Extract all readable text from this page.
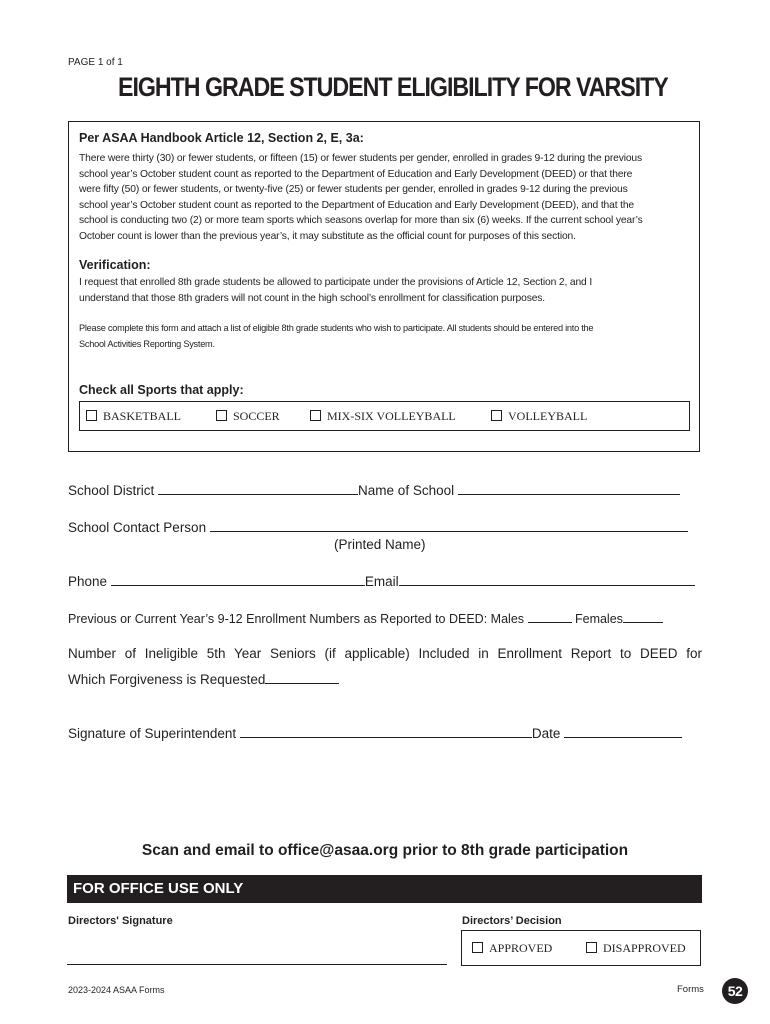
PAGE 1 of 1
EIGHTH GRADE STUDENT ELIGIBILITY FOR VARSITY
Per ASAA Handbook Article 12, Section 2, E, 3a:
There were thirty (30) or fewer students, or fifteen (15) or fewer students per gender, enrolled in grades 9-12 during the previous
school year’s October student count as reported to the Department of Education and Early Development (DEED) or that there
were fifty (50) or fewer students, or twenty-five (25) or fewer students per gender, enrolled in grades 9-12 during the previous
school year’s October student count as reported to the Department of Education and Early Development (DEED), and that the
school is conducting two (2) or more team sports which seasons overlap for more than six (6) weeks. If the current school year’s
October count is lower than the previous year’s, it may substitute as the official count for purposes of this section.
Verification:
I request that enrolled 8th grade students be allowed to participate under the provisions of Article 12, Section 2, and I
understand that those 8th graders will not count in the high school’s enrollment for classification purposes.
Please complete this form and attach a list of eligible 8th grade students who wish to participate. All students should be entered into the
School Activities Reporting System.
Check all Sports that apply:
BASKETBALL	SOCCER	MIX-SIX VOLLEYBALL	VOLLEYBALL
School District	Name of School
School Contact Person
(Printed Name)
Phone	Email
Previous or Current Year’s 9-12 Enrollment Numbers as Reported to DEED: Males	Females
Number of Ineligible 5th Year Seniors (if applicable) Included in Enrollment Report to DEED for
Which Forgiveness is Requested
Signature of Superintendent	Date
Scan and email to office@asaa.org prior to 8th grade participation
FOR OFFICE USE ONLY
Directors' Signature	Directors’ Decision
APPROVED	DISAPPROVED
2023-2024 ASAA Forms	Forms	52
